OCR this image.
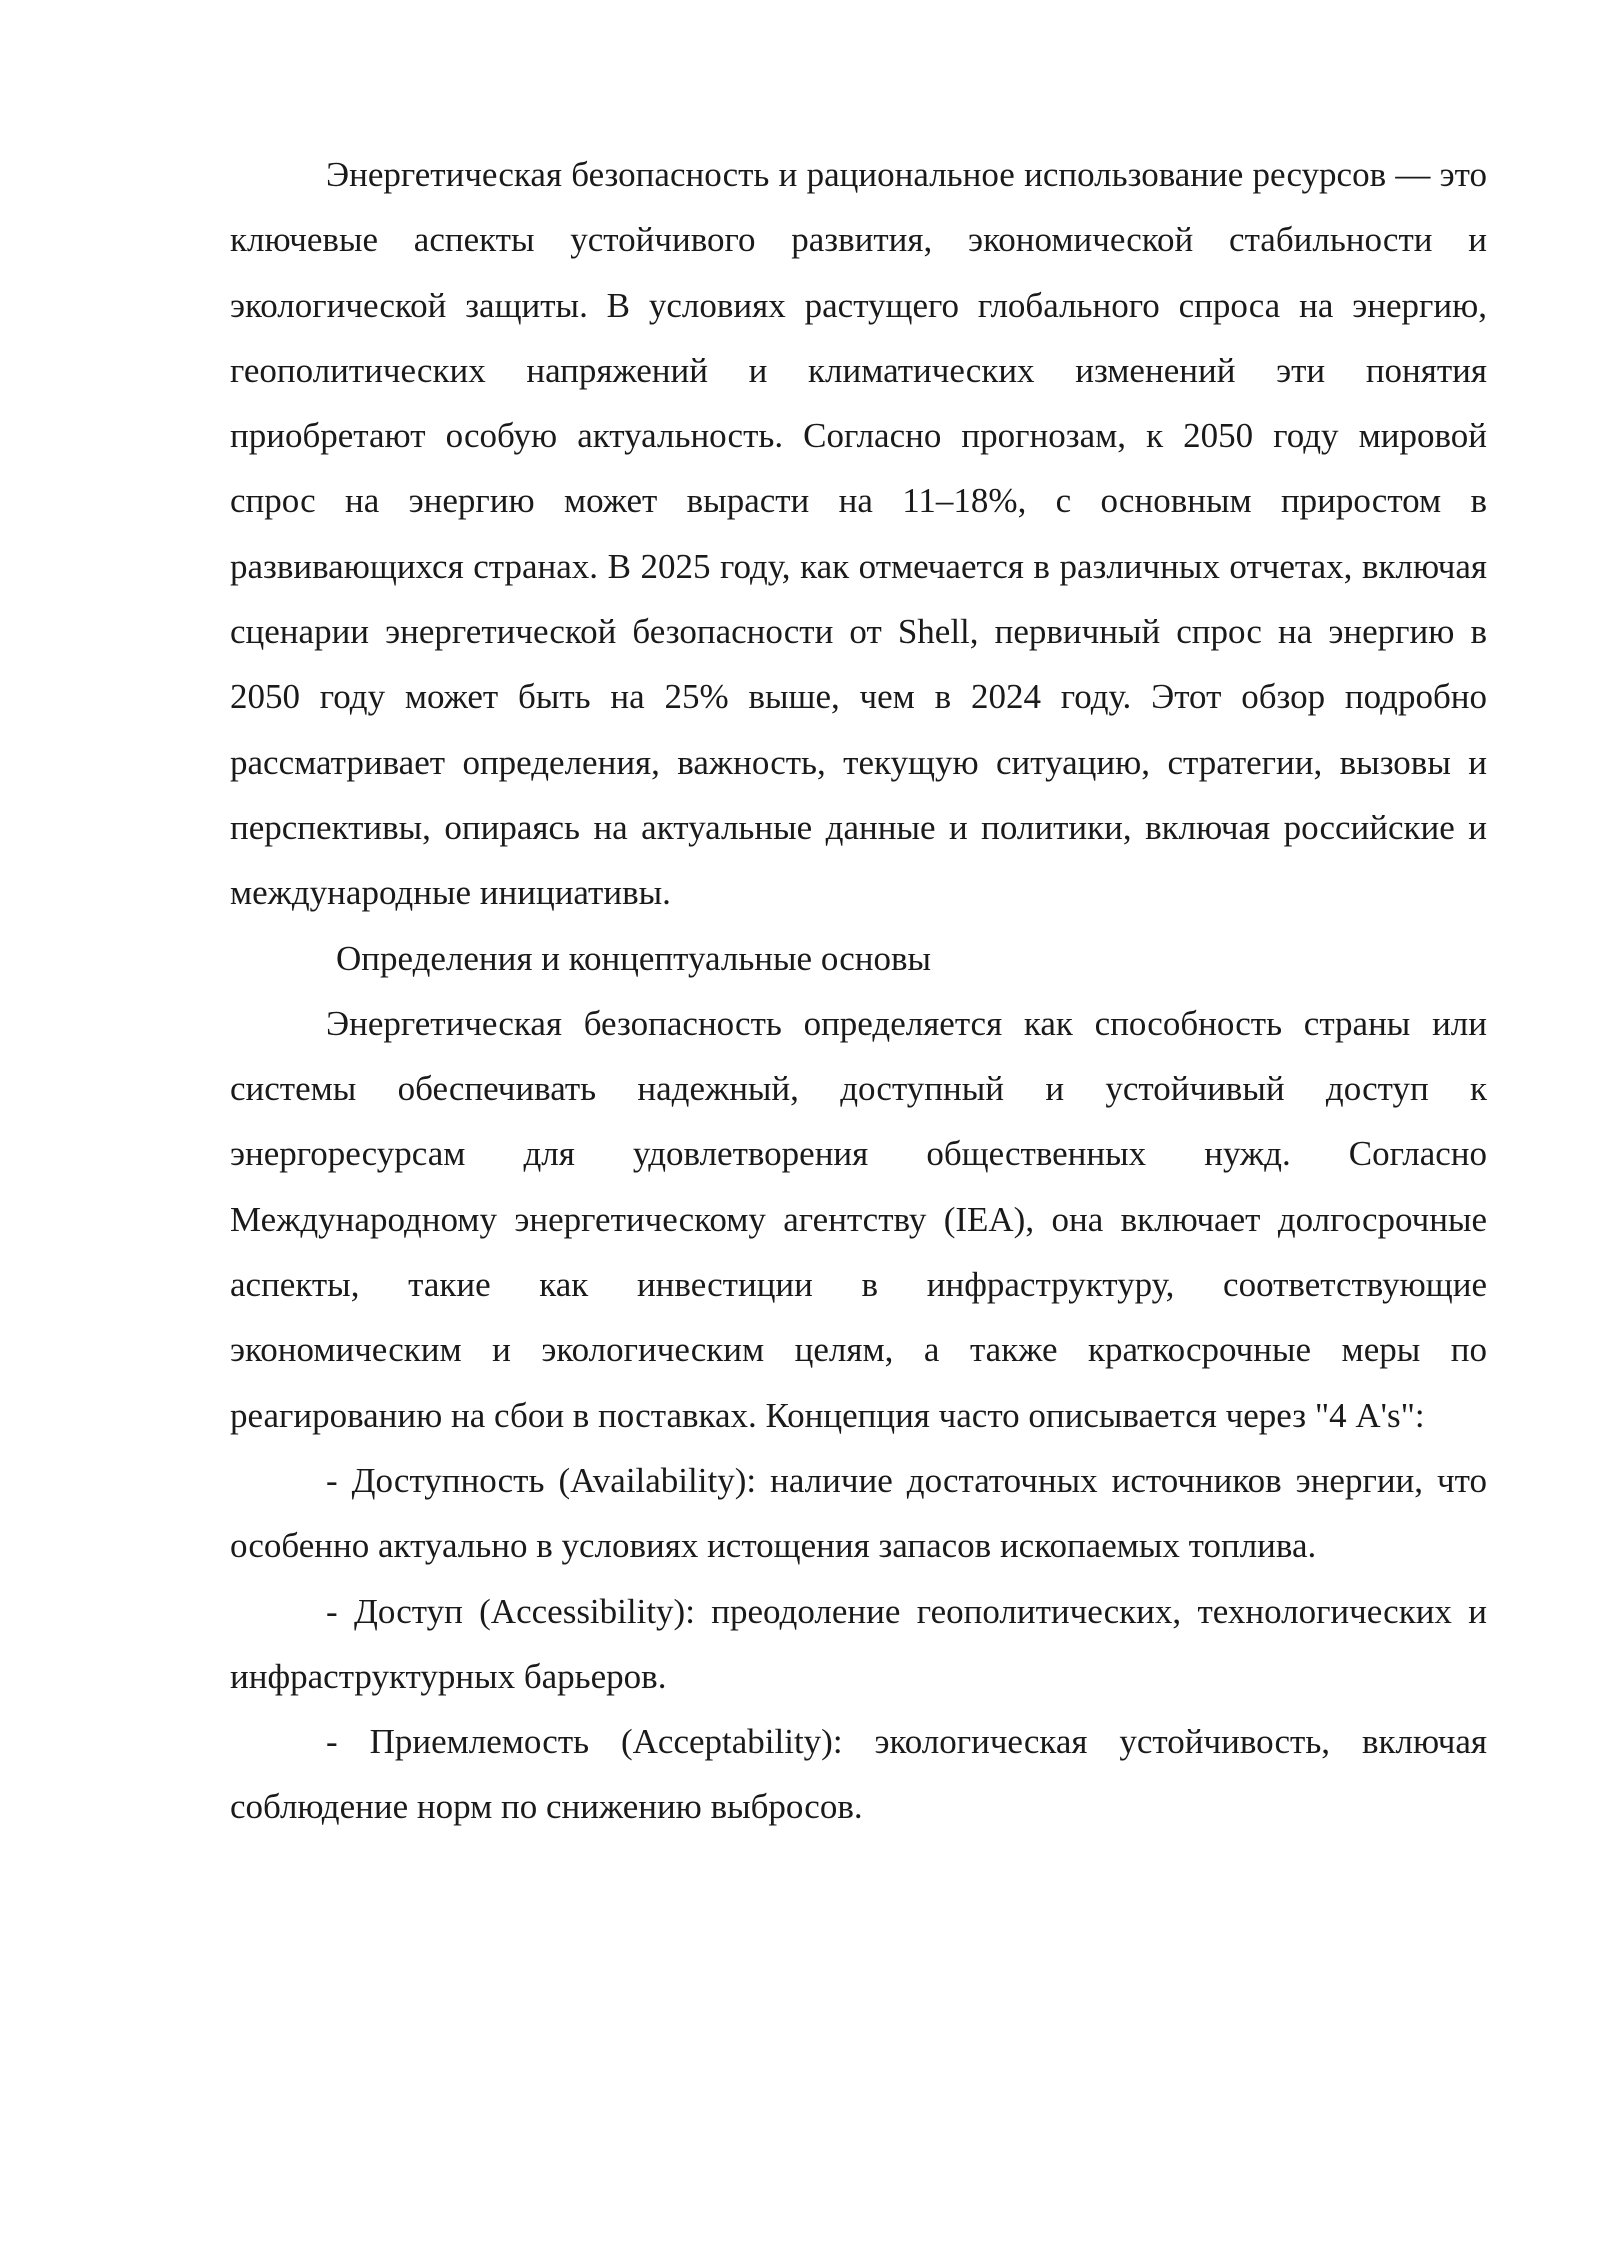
Энергетическая безопасность и рациональное использование ресурсов — это ключевые аспекты устойчивого развития, экономической стабильности и экологической защиты. В условиях растущего глобального спроса на энергию, геополитических напряжений и климатических изменений эти понятия приобретают особую актуальность. Согласно прогнозам, к 2050 году мировой спрос на энергию может вырасти на 11–18%, с основным приростом в развивающихся странах. В 2025 году, как отмечается в различных отчетах, включая сценарии энергетической безопасности от Shell, первичный спрос на энергию в 2050 году может быть на 25% выше, чем в 2024 году. Этот обзор подробно рассматривает определения, важность, текущую ситуацию, стратегии, вызовы и перспективы, опираясь на актуальные данные и политики, включая российские и международные инициативы.

Определения и концептуальные основы

Энергетическая безопасность определяется как способность страны или системы обеспечивать надежный, доступный и устойчивый доступ к энергоресурсам для удовлетворения общественных нужд. Согласно Международному энергетическому агентству (IEA), она включает долгосрочные аспекты, такие как инвестиции в инфраструктуру, соответствующие экономическим и экологическим целям, а также краткосрочные меры по реагированию на сбои в поставках. Концепция часто описывается через "4 A's":

- Доступность (Availability): наличие достаточных источников энергии, что особенно актуально в условиях истощения запасов ископаемых топлива.

- Доступ (Accessibility): преодоление геополитических, технологических и инфраструктурных барьеров.

- Приемлемость (Acceptability): экологическая устойчивость, включая соблюдение норм по снижению выбросов.
